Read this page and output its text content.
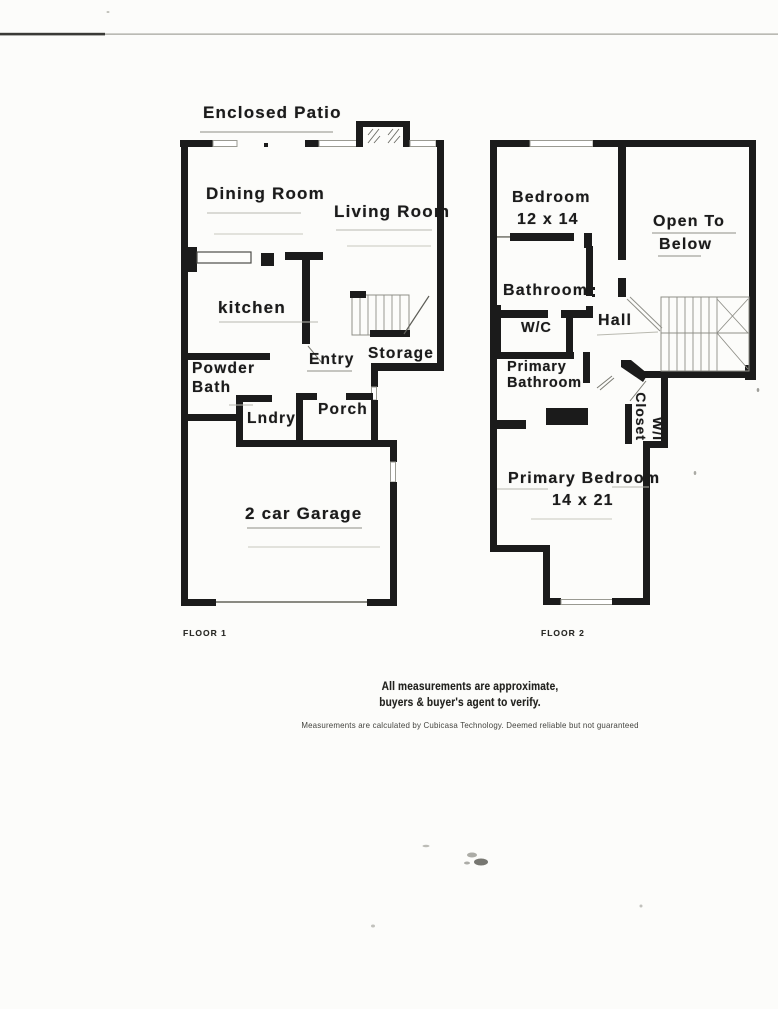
Enclosed Patio
Dining Room
Living Room
kitchen
Powder
Bath
Entry Storage
Lndry
Porch
2 car Garage
FLOOR 1
Bedroom
12 x 14	Open To
Below
Bathroom
W/C	Hall
Primary
Bathroom
W/I
Closet
Primary Bedroom
14 x 21
FLOOR 2
All measurements are approximate,
buyers & buyer's agent to verify.
Measurements are calculated by Cubicasa Technology. Deemed reliable but not guaranteed
